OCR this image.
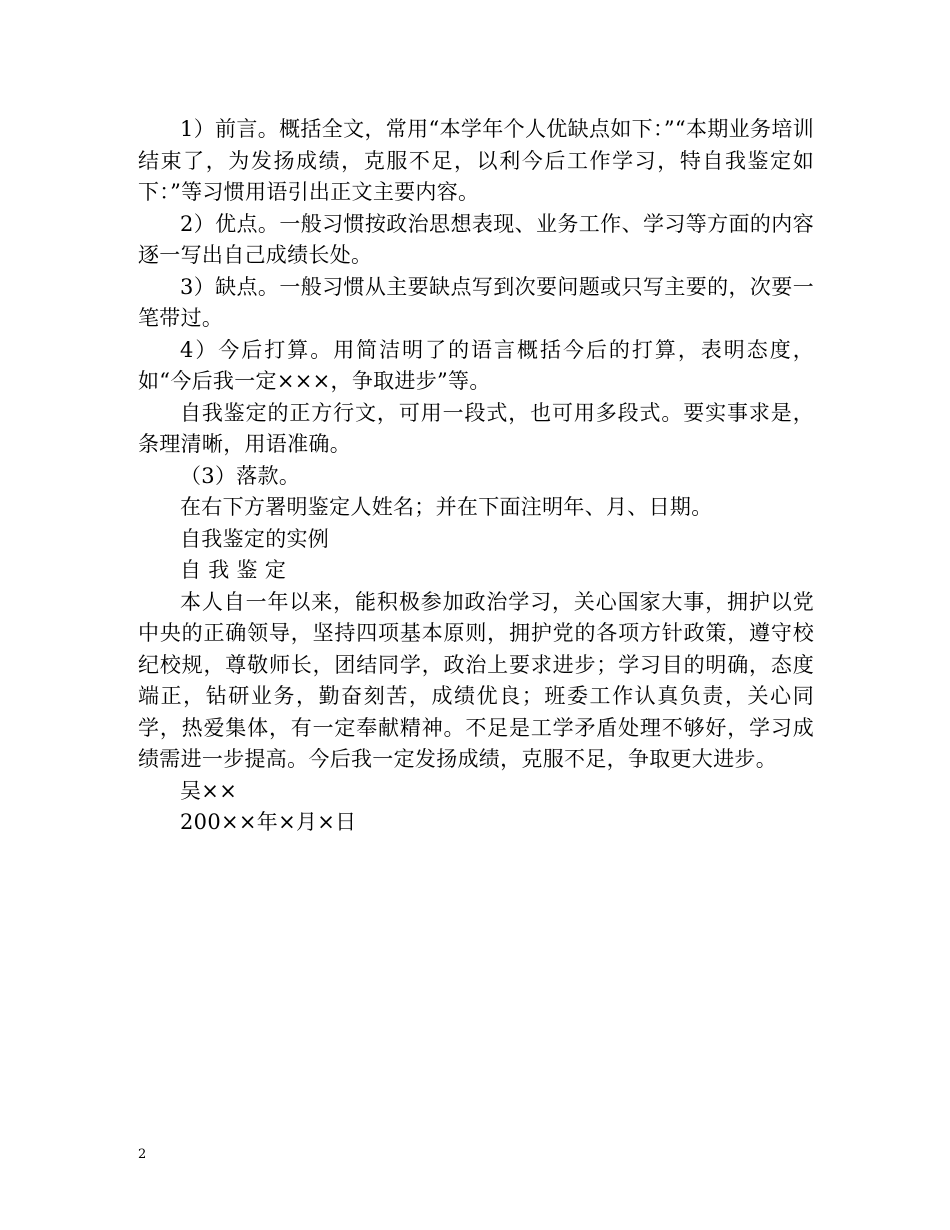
1）前言。概括全文，常用“本学年个人优缺点如下：”“本期业务培训结束了，为发扬成绩，克服不足，以利今后工作学习，特自我鉴定如下：”等习惯用语引出正文主要内容。

2）优点。一般习惯按政治思想表现、业务工作、学习等方面的内容逐一写出自己成绩长处。

3）缺点。一般习惯从主要缺点写到次要问题或只写主要的，次要一笔带过。

4）今后打算。用简洁明了的语言概括今后的打算，表明态度，如“今后我一定×××，争取进步”等。

自我鉴定的正方行文，可用一段式，也可用多段式。要实事求是，条理清晰，用语准确。

（3）落款。

在右下方署明鉴定人姓名；并在下面注明年、月、日期。

自我鉴定的实例

自 我 鉴 定

本人自一年以来，能积极参加政治学习，关心国家大事，拥护以党中央的正确领导，坚持四项基本原则，拥护党的各项方针政策，遵守校纪校规，尊敬师长，团结同学，政治上要求进步；学习目的明确，态度端正，钻研业务，勤奋刻苦，成绩优良；班委工作认真负责，关心同学，热爱集体，有一定奉献精神。不足是工学矛盾处理不够好，学习成绩需进一步提高。今后我一定发扬成绩，克服不足，争取更大进步。

吴××

200××年×月×日

2
